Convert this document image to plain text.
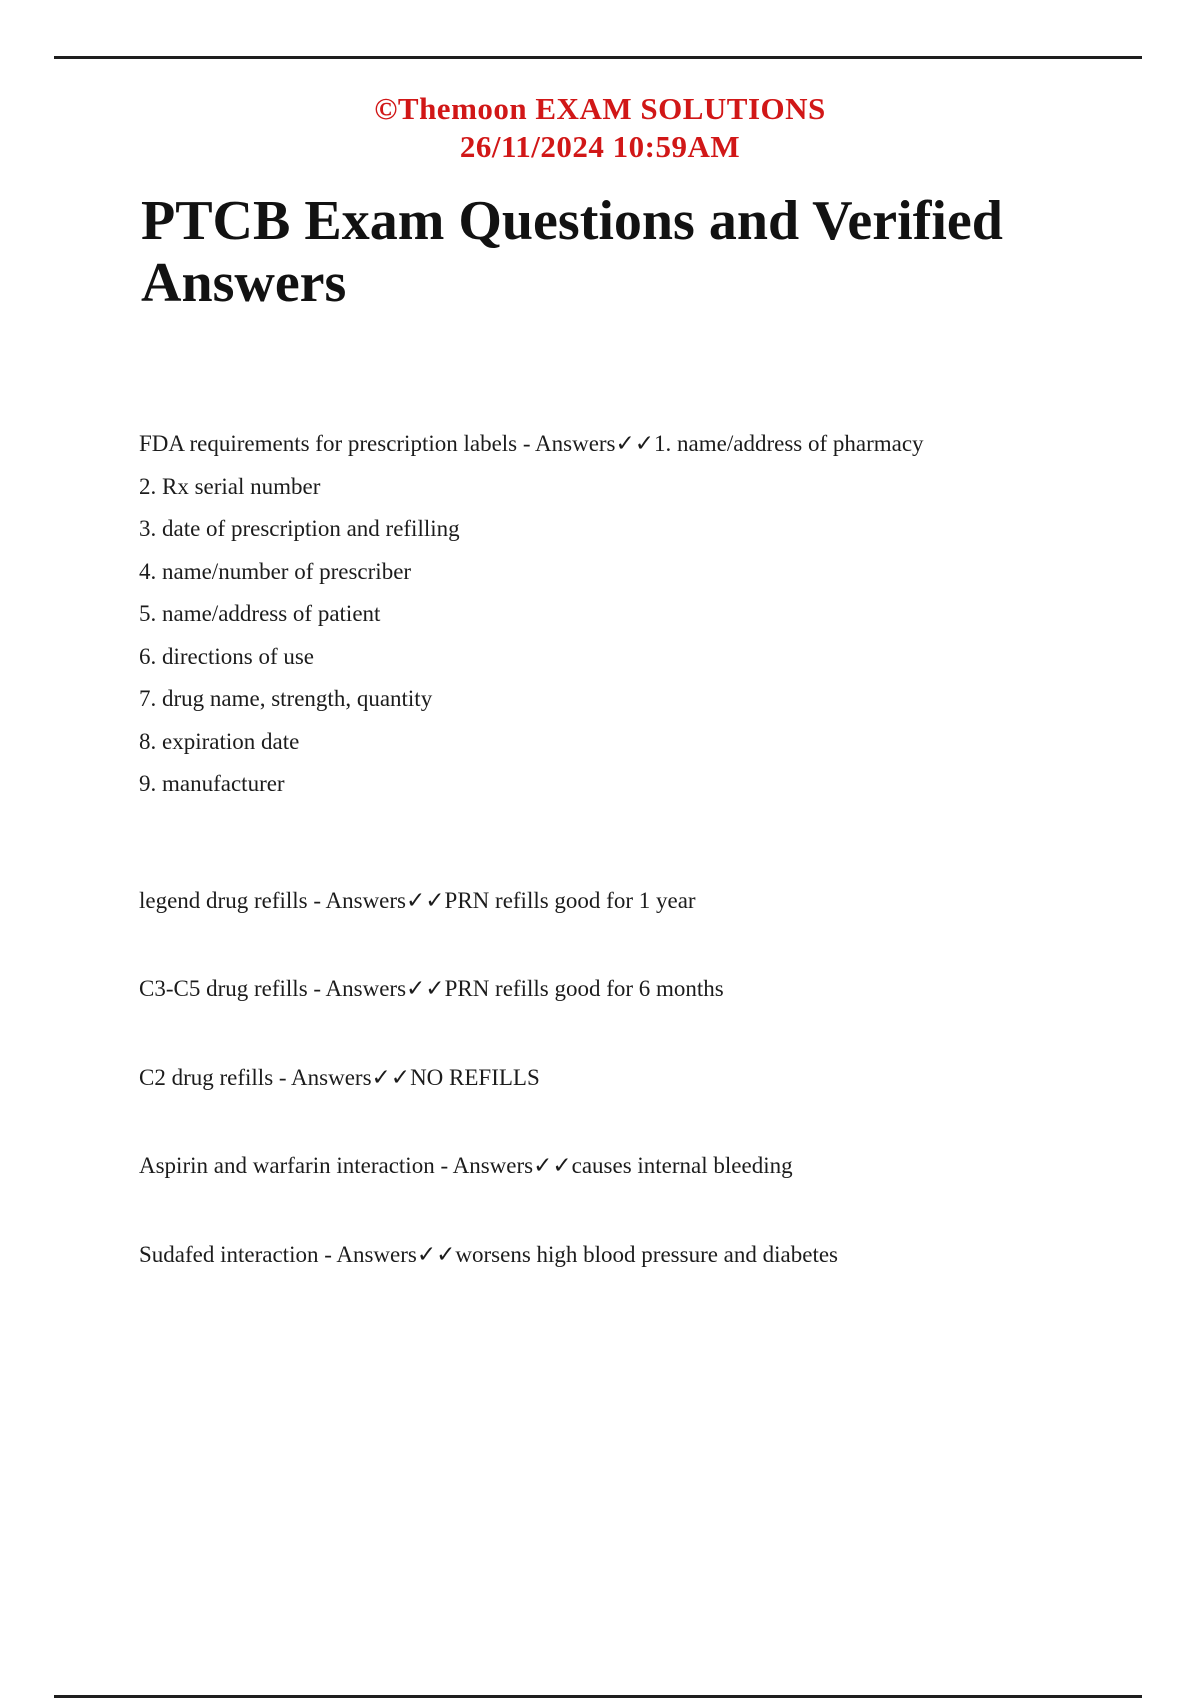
©Themoon EXAM SOLUTIONS
26/11/2024 10:59AM
PTCB Exam Questions and Verified Answers
FDA requirements for prescription labels - Answers✓✓1. name/address of pharmacy
2. Rx serial number
3. date of prescription and refilling
4. name/number of prescriber
5. name/address of patient
6. directions of use
7. drug name, strength, quantity
8. expiration date
9. manufacturer
legend drug refills - Answers✓✓PRN refills good for 1 year
C3-C5 drug refills - Answers✓✓PRN refills good for 6 months
C2 drug refills - Answers✓✓NO REFILLS
Aspirin and warfarin interaction - Answers✓✓causes internal bleeding
Sudafed interaction - Answers✓✓worsens high blood pressure and diabetes
